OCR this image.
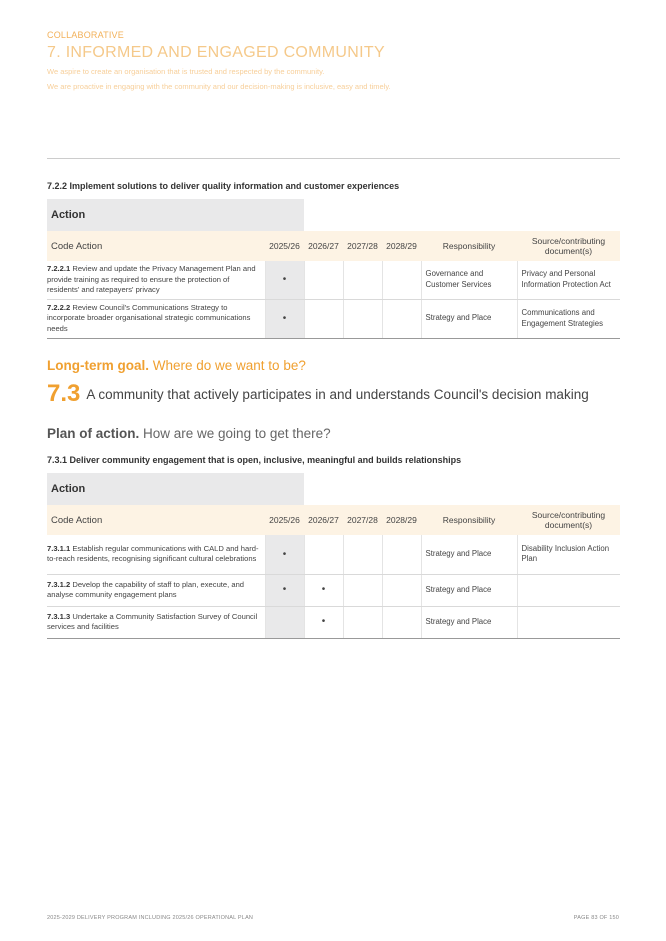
COLLABORATIVE
7. INFORMED AND ENGAGED COMMUNITY
We aspire to create an organisation that is trusted and respected by the community.
We are proactive in engaging with the community and our decision-making is inclusive, easy and timely.
7.2.2 Implement solutions to deliver quality information and customer experiences
Action
Code Action	2025/26	2026/27	2027/28	2028/29	Responsibility	Source/contributing document(s)
7.2.2.1 Review and update the Privacy Management Plan and provide training as required to ensure the protection of residents' and ratepayers' privacy	•				Governance and Customer Services	Privacy and Personal Information Protection Act
7.2.2.2 Review Council's Communications Strategy to incorporate broader organisational strategic communications needs	•				Strategy and Place	Communications and Engagement Strategies
Long-term goal. Where do we want to be?
7.3 A community that actively participates in and understands Council's decision making
Plan of action. How are we going to get there?
7.3.1 Deliver community engagement that is open, inclusive, meaningful and builds relationships
Action
Code Action	2025/26	2026/27	2027/28	2028/29	Responsibility	Source/contributing document(s)
7.3.1.1 Establish regular communications with CALD and hard-to-reach residents, recognising significant cultural celebrations	•				Strategy and Place	Disability Inclusion Action Plan
7.3.1.2 Develop the capability of staff to plan, execute, and analyse community engagement plans	•	•			Strategy and Place	
7.3.1.3 Undertake a Community Satisfaction Survey of Council services and facilities		•			Strategy and Place	
2025-2029 DELIVERY PROGRAM INCLUDING 2025/26 OPERATIONAL PLAN	PAGE 83 OF 150
